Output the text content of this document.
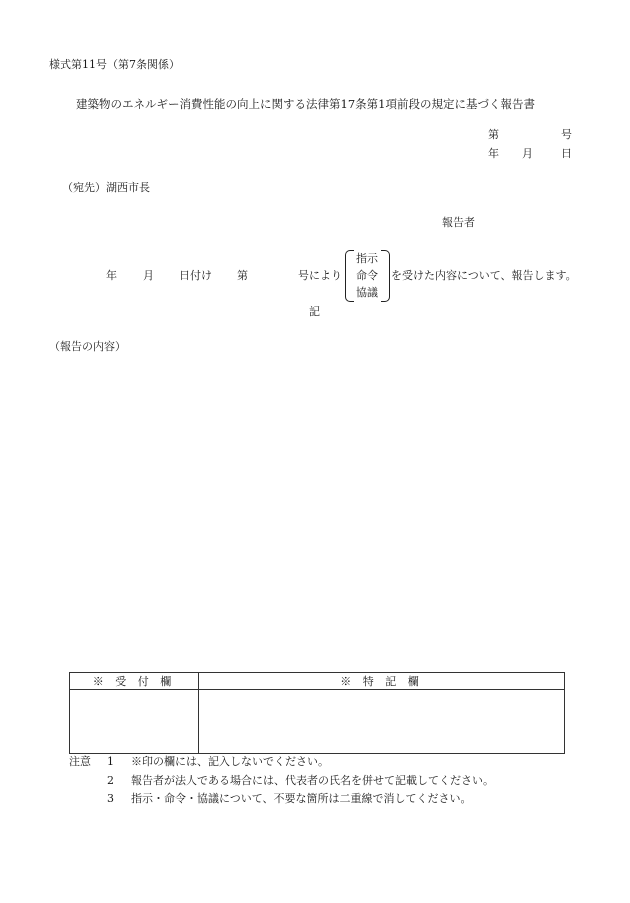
様式第11号（第7条関係）
建築物のエネルギー消費性能の向上に関する法律第17条第1項前段の規定に基づく報告書
第	号
年 月	日
（宛先）湖西市長
報告者
年 月 日付け 第	号により
指示
命令
協議
を受けた内容について、報告します。
記
（報告の内容）
※ 受 付 欄	※ 特 記 欄

注意 1 ※印の欄には、記入しないでください。
2 報告者が法人である場合には、代表者の氏名を併せて記載してください。
3 指示・命令・協議について、不要な箇所は二重線で消してください。
